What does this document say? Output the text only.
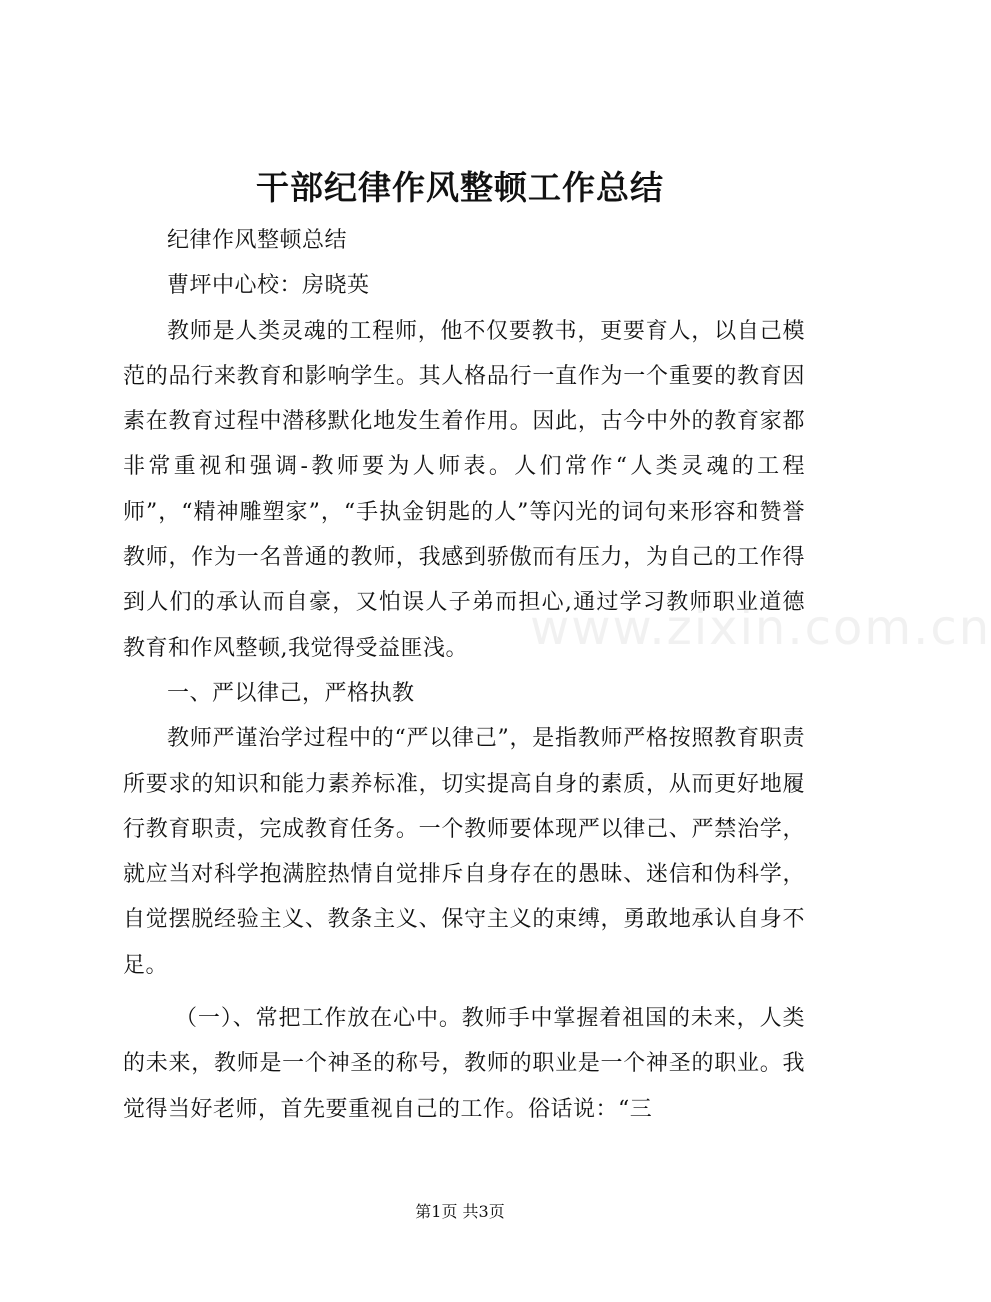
干部纪律作风整顿工作总结

纪律作风整顿总结

曹坪中心校：房晓英

教师是人类灵魂的工程师，他不仅要教书，更要育人，以自己模范的品行来教育和影响学生。其人格品行一直作为一个重要的教育因素在教育过程中潜移默化地发生着作用。因此，古今中外的教育家都非常重视和强调-教师要为人师表。人们常作“人类灵魂的工程师”，“精神雕塑家”，“手执金钥匙的人”等闪光的词句来形容和赞誉教师，作为一名普通的教师，我感到骄傲而有压力，为自己的工作得到人们的承认而自豪，又怕误人子弟而担心,通过学习教师职业道德教育和作风整顿,我觉得受益匪浅。

一、严以律己，严格执教

教师严谨治学过程中的“严以律己”，是指教师严格按照教育职责所要求的知识和能力素养标准，切实提高自身的素质，从而更好地履行教育职责，完成教育任务。一个教师要体现严以律己、严禁治学，就应当对科学抱满腔热情自觉排斥自身存在的愚昧、迷信和伪科学，自觉摆脱经验主义、教条主义、保守主义的束缚，勇敢地承认自身不足。

（一）、常把工作放在心中。教师手中掌握着祖国的未来，人类的未来，教师是一个神圣的称号，教师的职业是一个神圣的职业。我觉得当好老师，首先要重视自己的工作。俗话说：“三

www.zixin.com.cn
第1页 共3页
